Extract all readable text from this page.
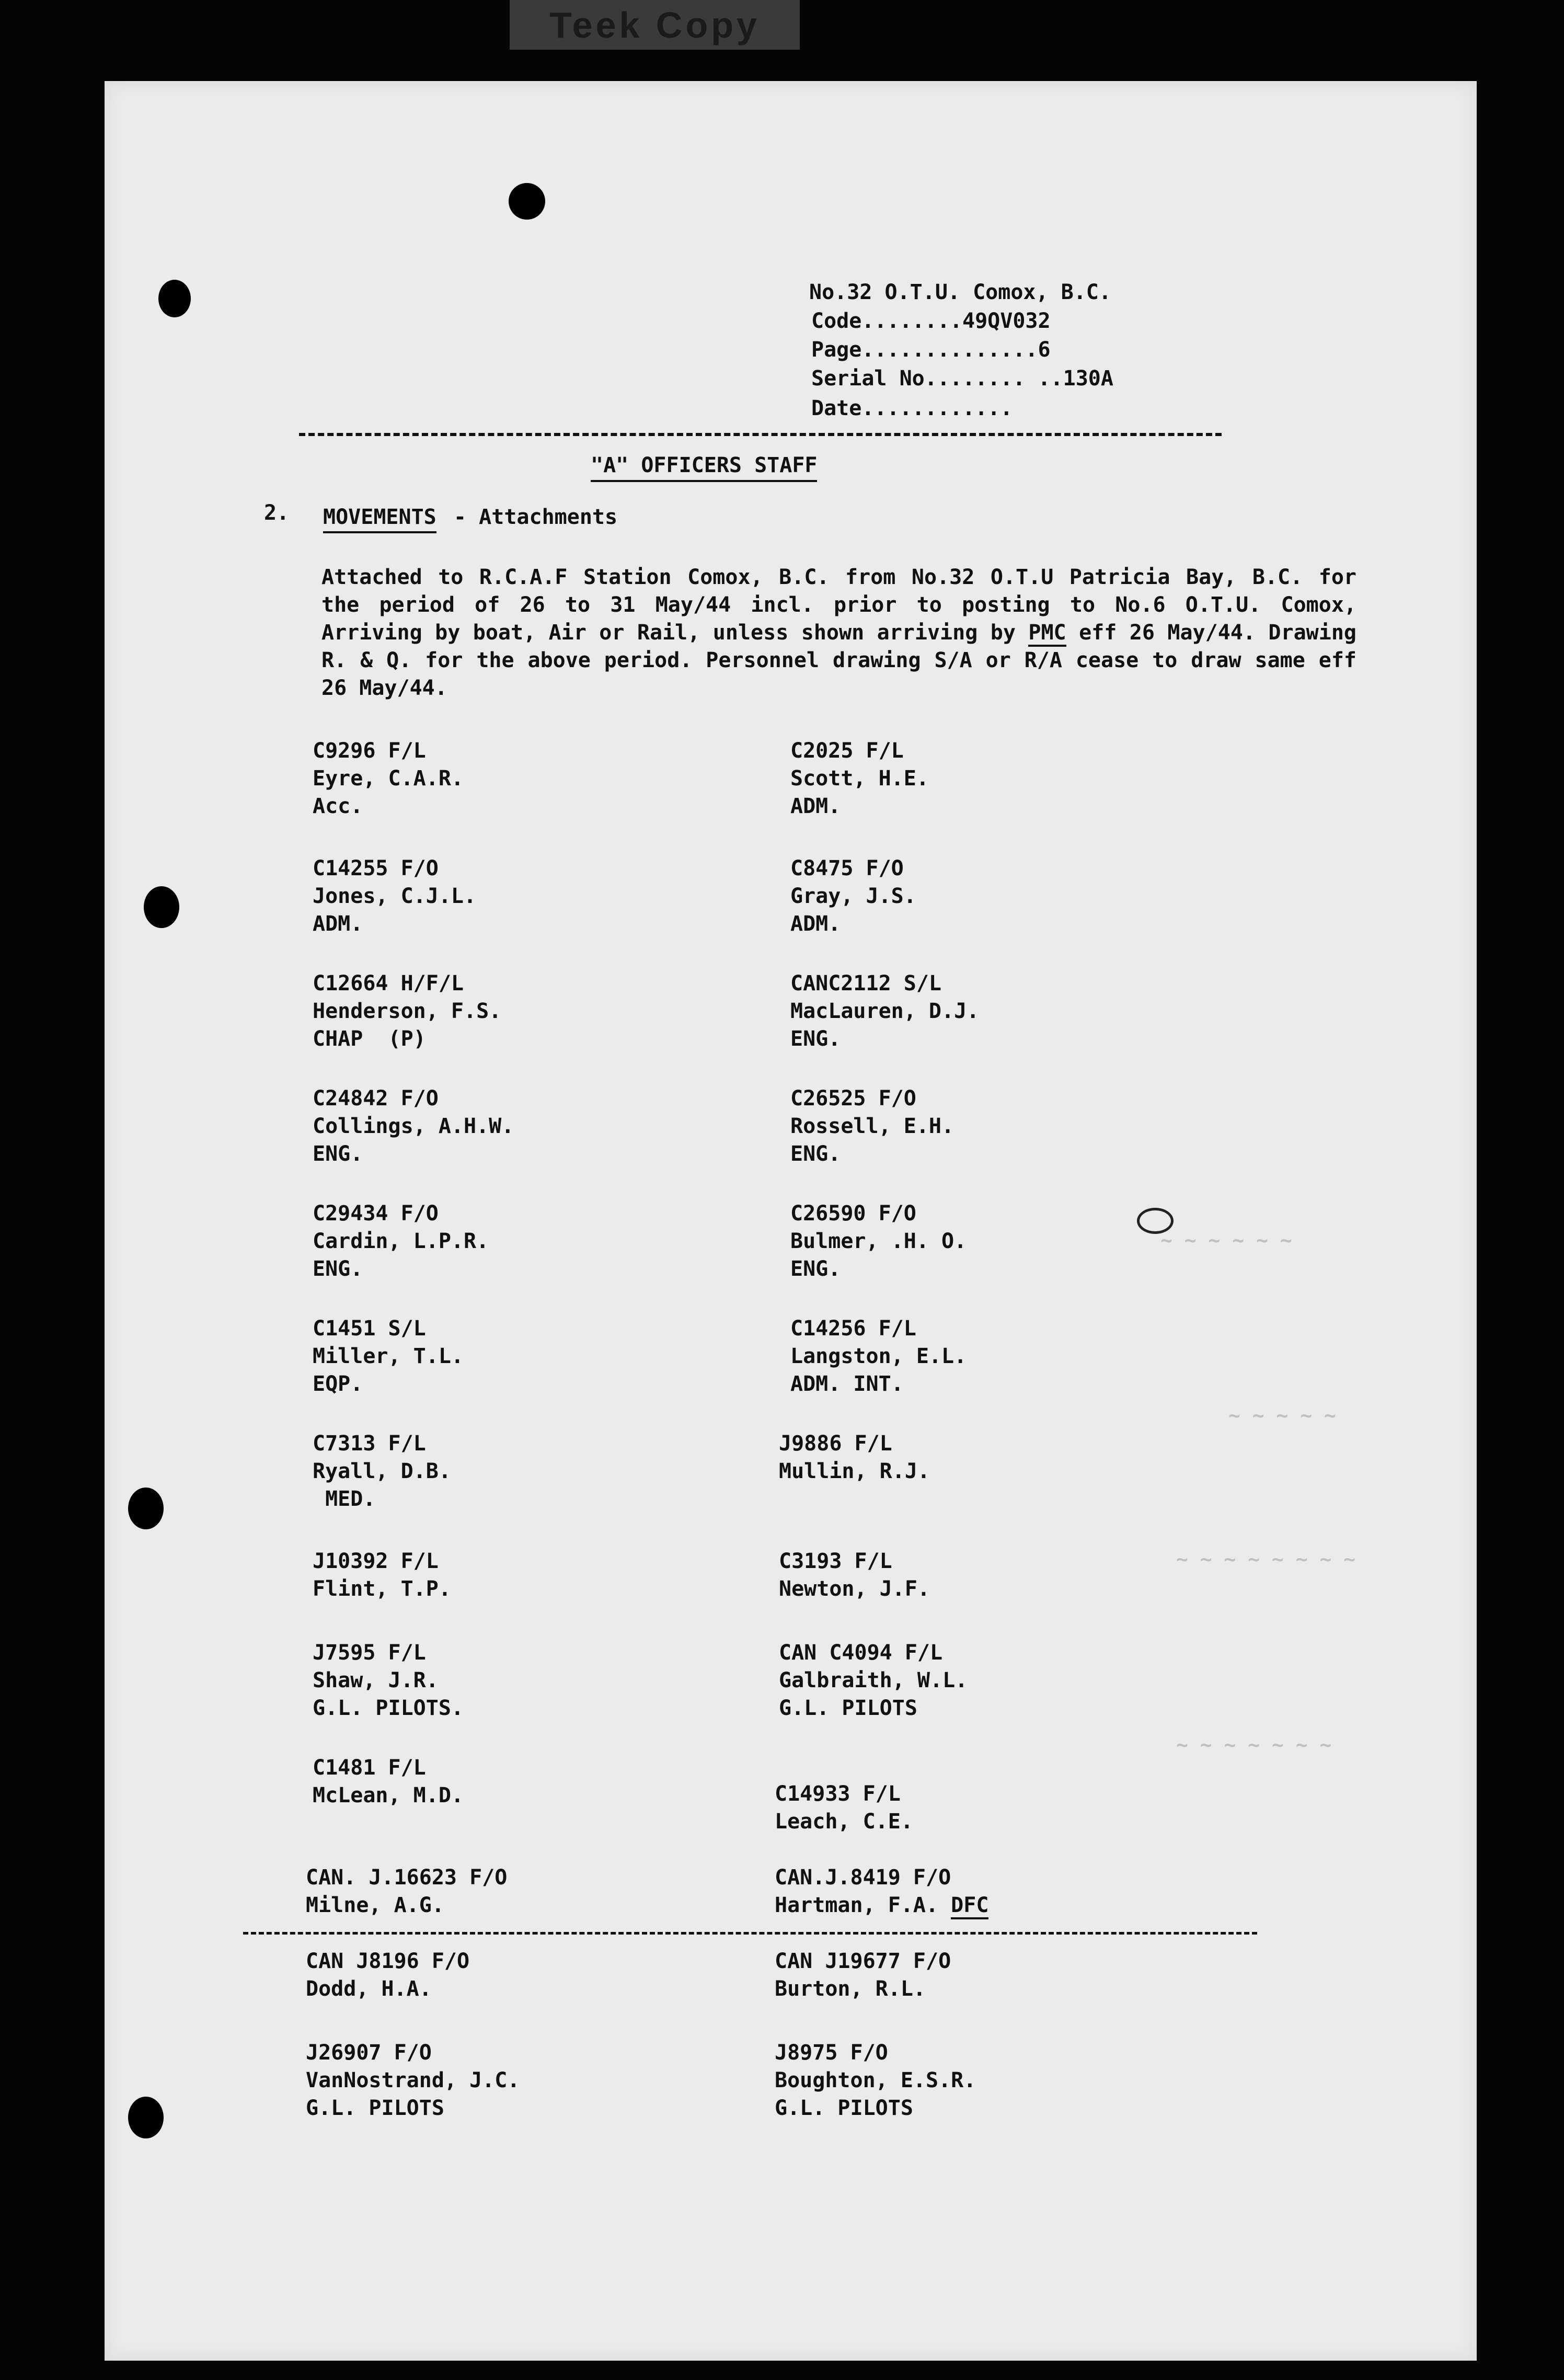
Teek Copy
~ ~ ~ ~ ~ ~
~ ~ ~ ~ ~
~ ~ ~ ~ ~ ~ ~ ~
~ ~ ~ ~ ~ ~ ~
No.32 O.T.U. Comox, B.C.
Code........49QV032
Page..............6
Serial No........ ..130A
Date............
"A" OFFICERS STAFF
2. MOVEMENTS - Attachments

Attached to R.C.A.F Station Comox, B.C. from No.32 O.T.U Patricia Bay, B.C. for the period of 26 to 31 May/44 incl. prior to posting to No.6 O.T.U. Comox, Arriving by boat, Air or Rail, unless shown arriving by PMC eff 26 May/44. Drawing R. & Q. for the above period. Personnel drawing S/A or R/A cease to draw same eff 26 May/44.

C9296 F/L
Eyre, C.A.R.
Acc.
C14255 F/O
Jones, C.J.L.
ADM.
C12664 H/F/L
Henderson, F.S.
CHAP  (P)
C24842 F/O
Collings, A.H.W.
ENG.
C29434 F/O
Cardin, L.P.R.
ENG.
C1451 S/L
Miller, T.L.
EQP.
C7313 F/L
Ryall, D.B.
MED.
J10392 F/L
Flint, T.P.
J7595 F/L
Shaw, J.R.
G.L. PILOTS.
C1481 F/L
McLean, M.D.
CAN. J.16623 F/O
Milne, A.G.
CAN J8196 F/O
Dodd, H.A.
J26907 F/O
VanNostrand, J.C.
G.L. PILOTS
C2025 F/L
Scott, H.E.
ADM.
C8475 F/O
Gray, J.S.
ADM.
CANC2112 S/L
MacLauren, D.J.
ENG.
C26525 F/O
Rossell, E.H.
ENG.
C26590 F/O
Bulmer, .H. O.
ENG.
C14256 F/L
Langston, E.L.
ADM. INT.
J9886 F/L
Mullin, R.J.
C3193 F/L
Newton, J.F.
CAN C4094 F/L
Galbraith, W.L.
G.L. PILOTS
C14933 F/L
Leach, C.E.
CAN.J.8419 F/O
Hartman, F.A. DFC
CAN J19677 F/O
Burton, R.L.
J8975 F/O
Boughton, E.S.R.
G.L. PILOTS
